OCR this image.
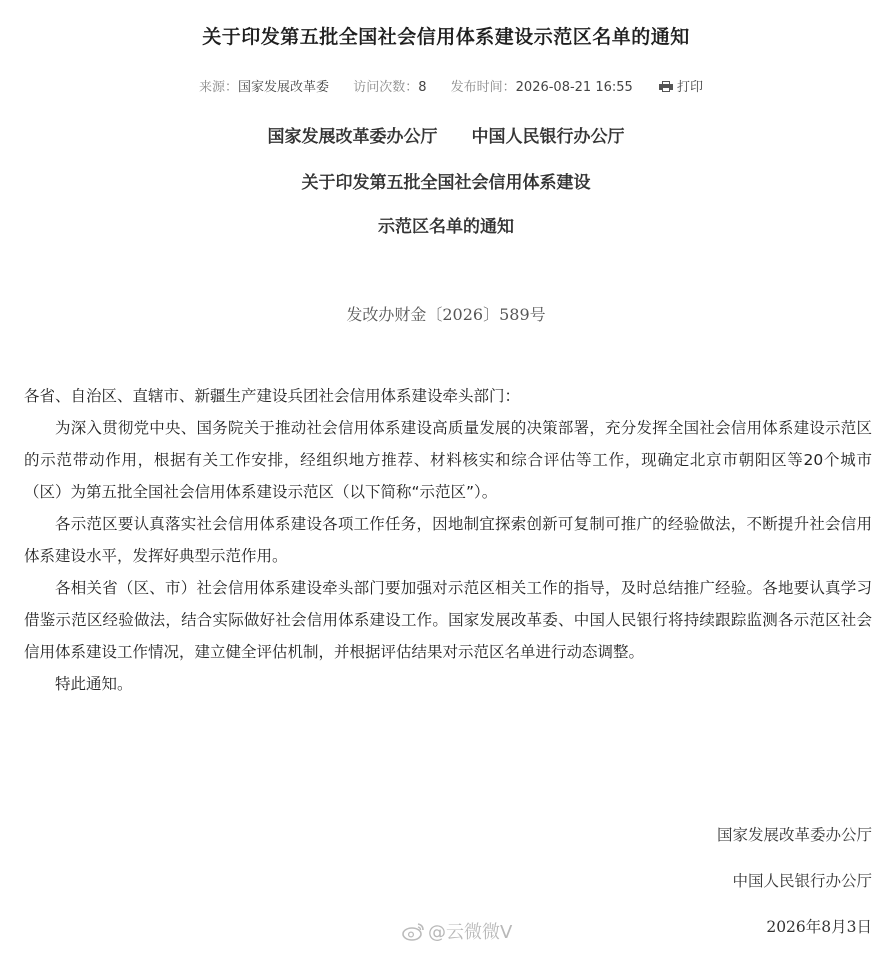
关于印发第五批全国社会信用体系建设示范区名单的通知
来源：国家发展改革委 访问次数：8 发布时间：2026-08-21 16:55	打印
国家发展改革委办公厅　　中国人民银行办公厅
关于印发第五批全国社会信用体系建设
示范区名单的通知
发改办财金〔2026〕589号

各省、自治区、直辖市、新疆生产建设兵团社会信用体系建设牵头部门：

为深入贯彻党中央、国务院关于推动社会信用体系建设高质量发展的决策部署，充分发挥全国社会信用体系建设示范区的示范带动作用，根据有关工作安排，经组织地方推荐、材料核实和综合评估等工作，现确定北京市朝阳区等20个城市（区）为第五批全国社会信用体系建设示范区（以下简称“示范区”）。

各示范区要认真落实社会信用体系建设各项工作任务，因地制宜探索创新可复制可推广的经验做法，不断提升社会信用体系建设水平，发挥好典型示范作用。

各相关省（区、市）社会信用体系建设牵头部门要加强对示范区相关工作的指导，及时总结推广经验。各地要认真学习借鉴示范区经验做法，结合实际做好社会信用体系建设工作。国家发展改革委、中国人民银行将持续跟踪监测各示范区社会信用体系建设工作情况，建立健全评估机制，并根据评估结果对示范区名单进行动态调整。

特此通知。

国家发展改革委办公厅
中国人民银行办公厅
2026年8月3日
@云微微V
